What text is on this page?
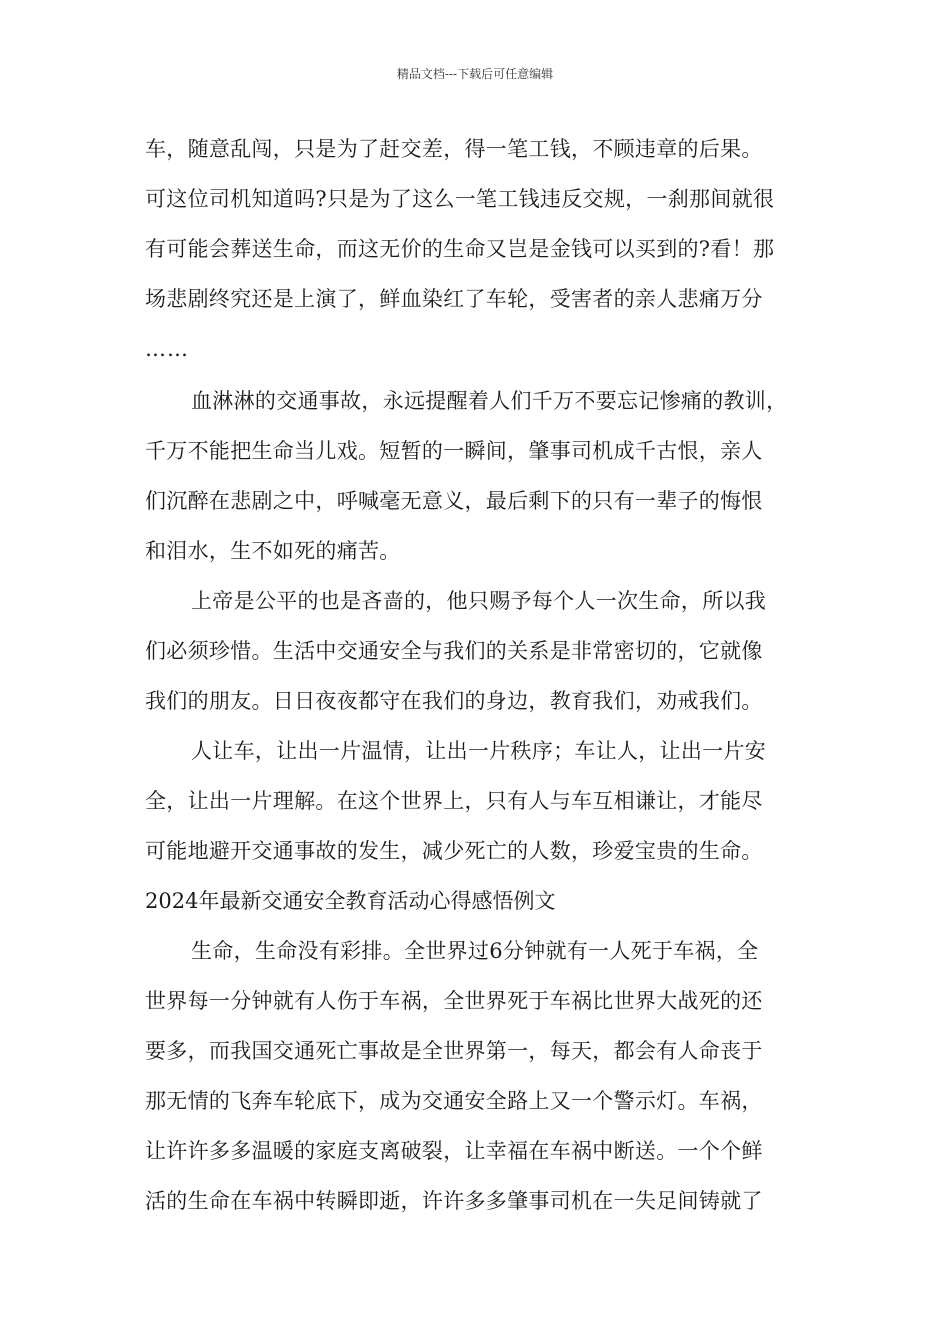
精品文档---下载后可任意编辑
车，随意乱闯，只是为了赶交差，得一笔工钱，不顾违章的后果。
可这位司机知道吗?只是为了这么一笔工钱违反交规，一刹那间就很
有可能会葬送生命，而这无价的生命又岂是金钱可以买到的?看！那
场悲剧终究还是上演了，鲜血染红了车轮，受害者的亲人悲痛万分
……
血淋淋的交通事故，永远提醒着人们千万不要忘记惨痛的教训，
千万不能把生命当儿戏。短暂的一瞬间，肇事司机成千古恨，亲人
们沉醉在悲剧之中，呼喊毫无意义，最后剩下的只有一辈子的悔恨
和泪水，生不如死的痛苦。
上帝是公平的也是吝啬的，他只赐予每个人一次生命，所以我
们必须珍惜。生活中交通安全与我们的关系是非常密切的，它就像
我们的朋友。日日夜夜都守在我们的身边，教育我们，劝戒我们。
人让车，让出一片温情，让出一片秩序；车让人，让出一片安
全，让出一片理解。在这个世界上，只有人与车互相谦让，才能尽
可能地避开交通事故的发生，减少死亡的人数，珍爱宝贵的生命。
2024年最新交通安全教育活动心得感悟例文
生命，生命没有彩排。全世界过6分钟就有一人死于车祸，全
世界每一分钟就有人伤于车祸，全世界死于车祸比世界大战死的还
要多，而我国交通死亡事故是全世界第一，每天，都会有人命丧于
那无情的飞奔车轮底下，成为交通安全路上又一个警示灯。车祸，
让许许多多温暖的家庭支离破裂，让幸福在车祸中断送。一个个鲜
活的生命在车祸中转瞬即逝，许许多多肇事司机在一失足间铸就了
